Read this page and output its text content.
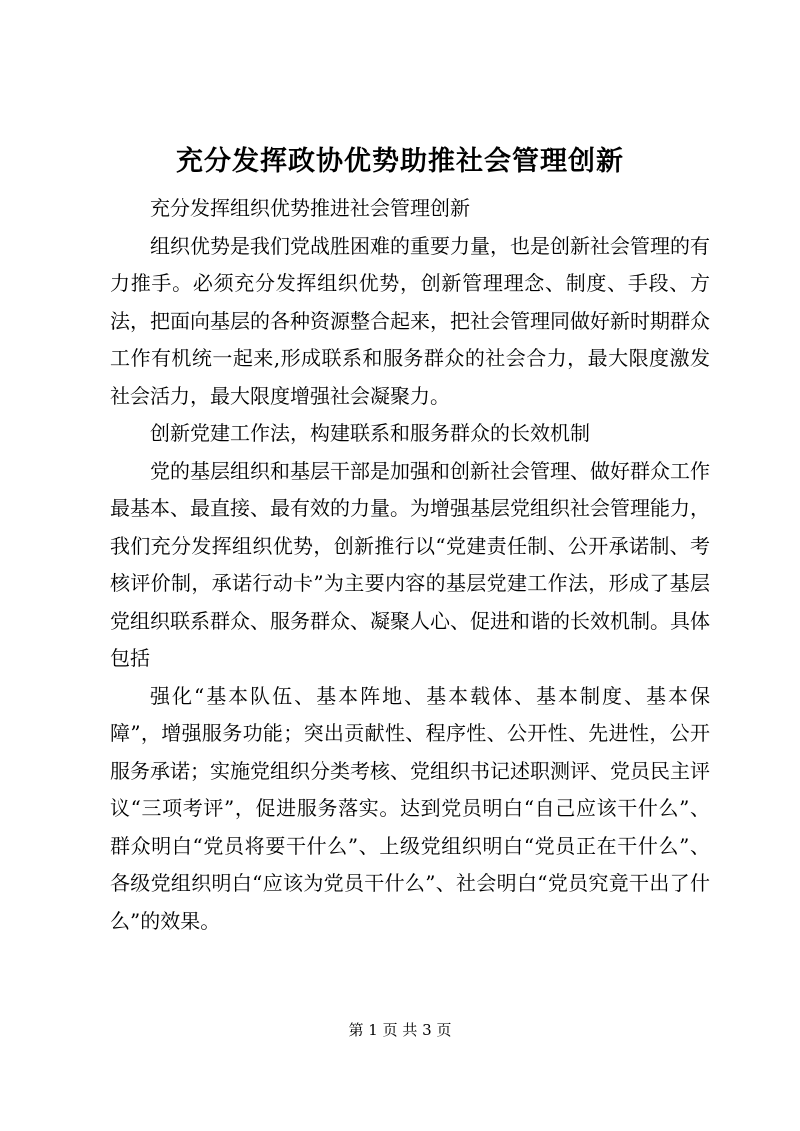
充分发挥政协优势助推社会管理创新

充分发挥组织优势推进社会管理创新

组织优势是我们党战胜困难的重要力量，也是创新社会管理的有力推手。必须充分发挥组织优势，创新管理理念、制度、手段、方法，把面向基层的各种资源整合起来，把社会管理同做好新时期群众工作有机统一起来,形成联系和服务群众的社会合力，最大限度激发社会活力，最大限度增强社会凝聚力。

创新党建工作法，构建联系和服务群众的长效机制

党的基层组织和基层干部是加强和创新社会管理、做好群众工作最基本、最直接、最有效的力量。为增强基层党组织社会管理能力，我们充分发挥组织优势，创新推行以“党建责任制、公开承诺制、考核评价制，承诺行动卡”为主要内容的基层党建工作法，形成了基层党组织联系群众、服务群众、凝聚人心、促进和谐的长效机制。具体包括

强化“基本队伍、基本阵地、基本载体、基本制度、基本保障”，增强服务功能；突出贡献性、程序性、公开性、先进性，公开服务承诺；实施党组织分类考核、党组织书记述职测评、党员民主评议“三项考评”，促进服务落实。达到党员明白“自己应该干什么”、群众明白“党员将要干什么”、上级党组织明白“党员正在干什么”、各级党组织明白“应该为党员干什么”、社会明白“党员究竟干出了什么”的效果。

第 1 页 共 3 页
